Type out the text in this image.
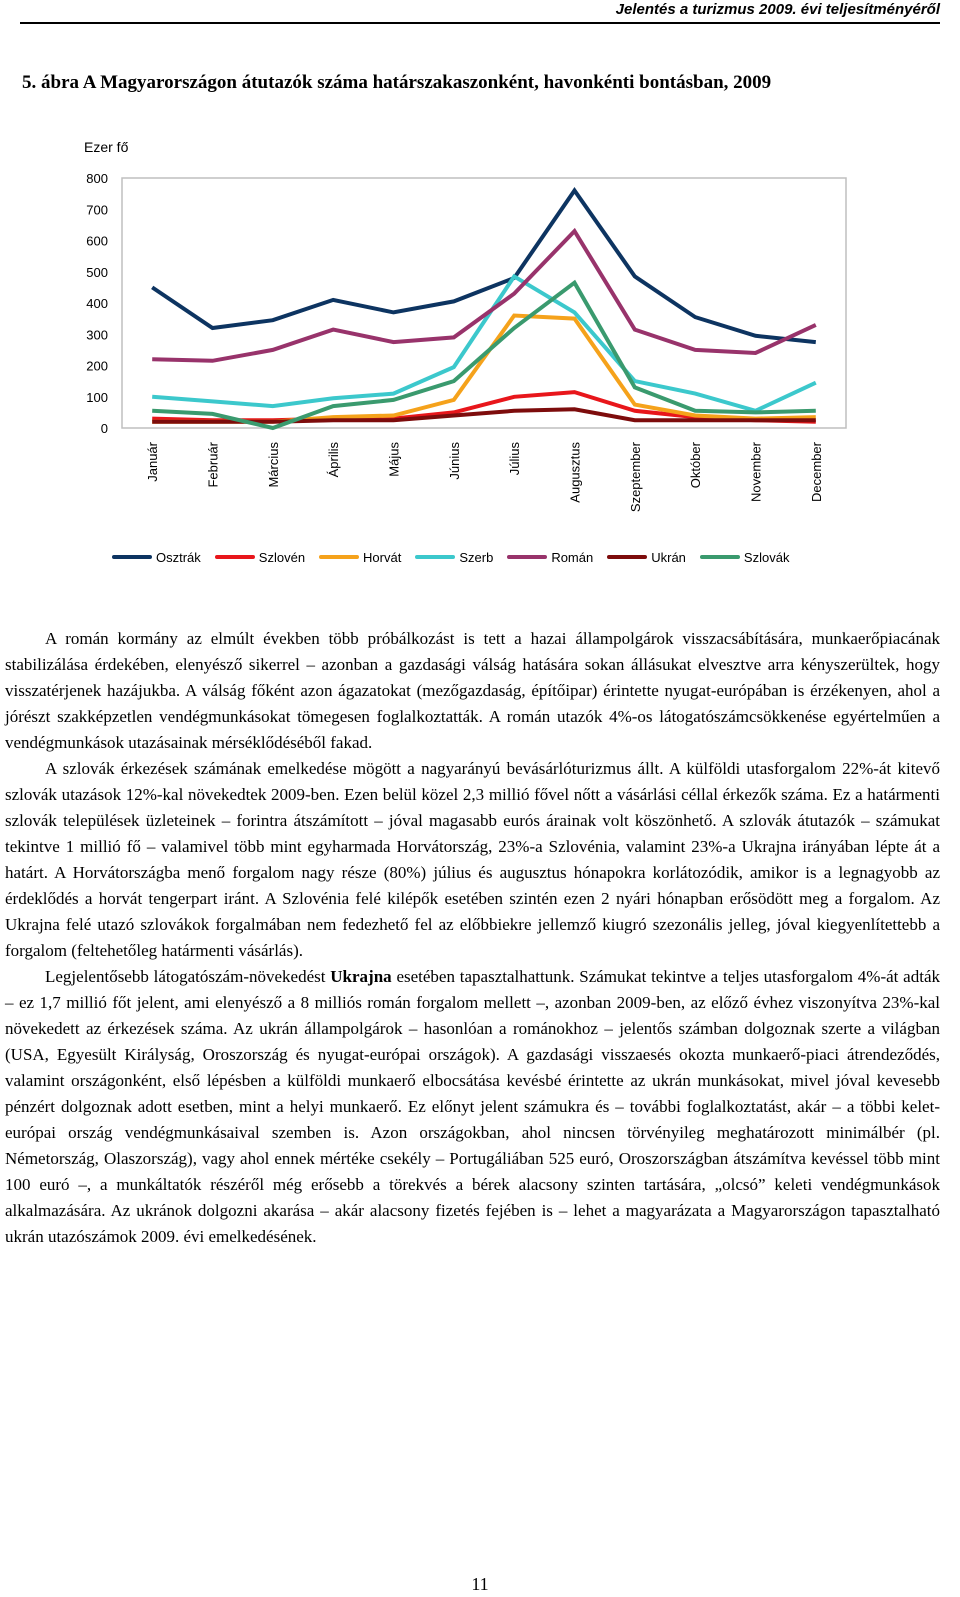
Jelentés a turizmus 2009. évi teljesítményéről
5. ábra A Magyarországon átutazók száma határszakaszonként, havonkénti bontásban, 2009
Ezer fő
0
100
200
300
400
500
600
700
800
Január	Február	Március	Április	Május	Június	Július	Augusztus	Szeptember	Október	November	December
Osztrák	Szlovén	Horvát	Szerb	Román	Ukrán	Szlovák

A román kormány az elmúlt években több próbálkozást is tett a hazai állampolgárok visszacsábítására, munkaerőpiacának stabilizálása érdekében, elenyésző sikerrel – azonban a gazdasági válság hatására sokan állásukat elvesztve arra kényszerültek, hogy visszatérjenek hazájukba. A válság főként azon ágazatokat (mezőgazdaság, építőipar) érintette nyugat-európában is érzékenyen, ahol a jórészt szakképzetlen vendégmunkásokat tömegesen foglalkoztatták. A román utazók 4%-os látogatószámcsökkenése egyértelműen a vendégmunkások utazásainak mérséklődéséből fakad.

A szlovák érkezések számának emelkedése mögött a nagyarányú bevásárlóturizmus állt. A külföldi utasforgalom 22%-át kitevő szlovák utazások 12%-kal növekedtek 2009-ben. Ezen belül közel 2,3 millió fővel nőtt a vásárlási céllal érkezők száma. Ez a határmenti szlovák települések üzleteinek – forintra átszámított – jóval magasabb eurós árainak volt köszönhető. A szlovák átutazók – számukat tekintve 1 millió fő – valamivel több mint egyharmada Horvátország, 23%-a Szlovénia, valamint 23%-a Ukrajna irányában lépte át a határt. A Horvátországba menő forgalom nagy része (80%) július és augusztus hónapokra korlátozódik, amikor is a legnagyobb az érdeklődés a horvát tengerpart iránt. A Szlovénia felé kilépők esetében szintén ezen 2 nyári hónapban erősödött meg a forgalom. Az Ukrajna felé utazó szlovákok forgalmában nem fedezhető fel az előbbiekre jellemző kiugró szezonális jelleg, jóval kiegyenlítettebb a forgalom (feltehetőleg határmenti vásárlás).

Legjelentősebb látogatószám-növekedést Ukrajna esetében tapasztalhattunk. Számukat tekintve a teljes utasforgalom 4%-át adták – ez 1,7 millió főt jelent, ami elenyésző a 8 milliós román forgalom mellett –, azonban 2009-ben, az előző évhez viszonyítva 23%-kal növekedett az érkezések száma. Az ukrán állampolgárok – hasonlóan a románokhoz – jelentős számban dolgoznak szerte a világban (USA, Egyesült Királyság, Oroszország és nyugat-európai országok). A gazdasági visszaesés okozta munkaerő-piaci átrendeződés, valamint országonként, első lépésben a külföldi munkaerő elbocsátása kevésbé érintette az ukrán munkásokat, mivel jóval kevesebb pénzért dolgoznak adott esetben, mint a helyi munkaerő. Ez előnyt jelent számukra és – további foglalkoztatást, akár – a többi kelet-európai ország vendégmunkásaival szemben is. Azon országokban, ahol nincsen törvényileg meghatározott minimálbér (pl. Németország, Olaszország), vagy ahol ennek mértéke csekély – Portugáliában 525 euró, Oroszországban átszámítva kevéssel több mint 100 euró –, a munkáltatók részéről még erősebb a törekvés a bérek alacsony szinten tartására, „olcsó” keleti vendégmunkások alkalmazására. Az ukránok dolgozni akarása – akár alacsony fizetés fejében is – lehet a magyarázata a Magyarországon tapasztalható ukrán utazószámok 2009. évi emelkedésének.

11
